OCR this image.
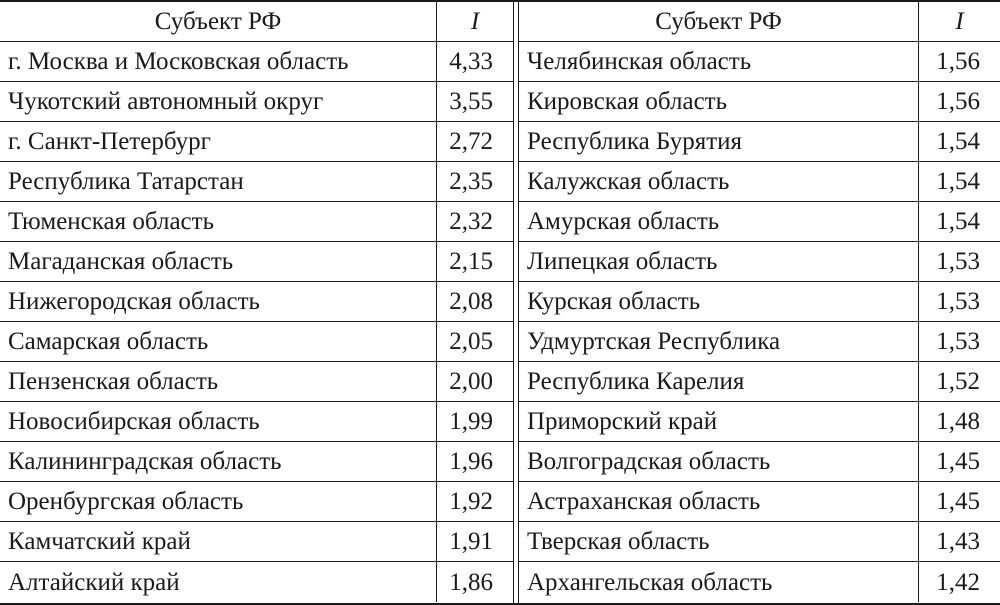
Субъект РФ	I
г. Москва и Московская область	4,33
Чукотский автономный округ	3,55
г. Санкт-Петербург	2,72
Республика Татарстан	2,35
Тюменская область	2,32
Магаданская область	2,15
Нижегородская область	2,08
Самарская область	2,05
Пензенская область	2,00
Новосибирская область	1,99
Калининградская область	1,96
Оренбургская область	1,92
Камчатский край	1,91
Алтайский край	1,86
Субъект РФ	I
Челябинская область	1,56
Кировская область	1,56
Республика Бурятия	1,54
Калужская область	1,54
Амурская область	1,54
Липецкая область	1,53
Курская область	1,53
Удмуртская Республика	1,53
Республика Карелия	1,52
Приморский край	1,48
Волгоградская область	1,45
Астраханская область	1,45
Тверская область	1,43
Архангельская область	1,42
